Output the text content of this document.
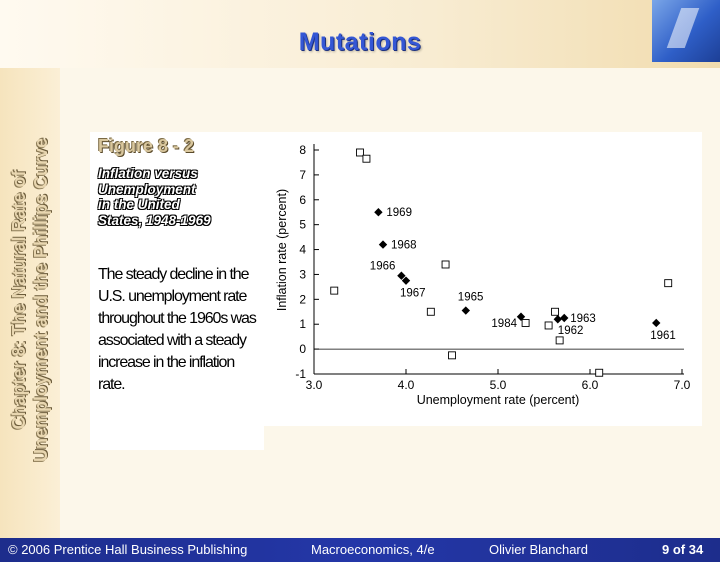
Mutations
Chapter 8: The Natural Rate of Unemployment and the Phillips Curve	Figure 8 - 2
Inflation versus
Unemployment
in the United
States, 1948-1969
The steady decline in the U.S. unemployment rate throughout the 1960s was associated with a steady increase in the inflation rate.
-1
0
1
2
3
4
5
6
7
8
3.0	4.0	5.0	6.0	7.0
Unemployment rate (percent)
Inflation rate (percent)	1969
1968
1966
1967	1965
1984
1962
1963
1961
© 2006 Prentice Hall Business Publishing	Macroeconomics, 4/e	Olivier Blanchard	9 of 34
